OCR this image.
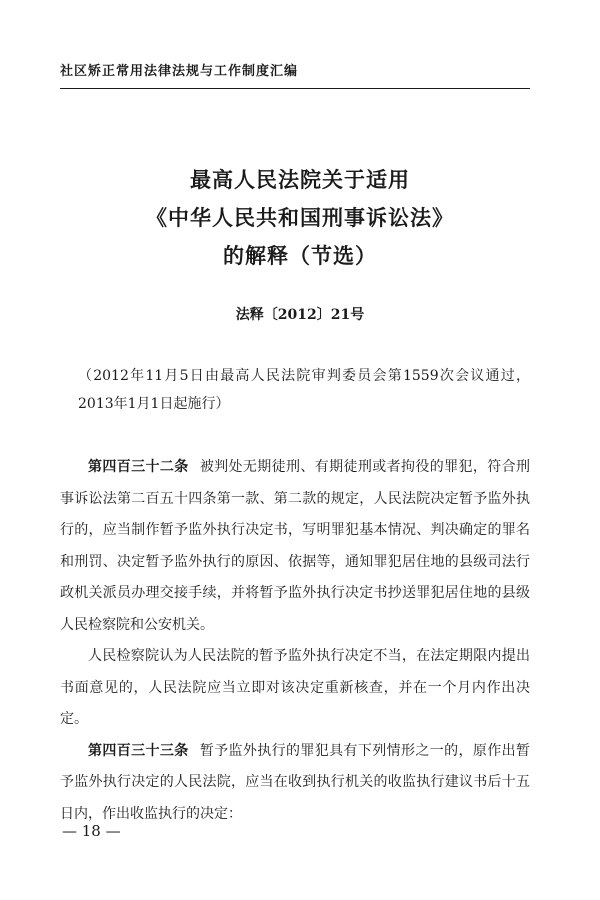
社区矫正常用法律法规与工作制度汇编
最高人民法院关于适用
《中华人民共和国刑事诉讼法》
的解释（节选）
法释〔2012〕21号
（2012年11月5日由最高人民法院审判委员会第1559次会议通过，2013年1月1日起施行）

第四百三十二条 被判处无期徒刑、有期徒刑或者拘役的罪犯，符合刑事诉讼法第二百五十四条第一款、第二款的规定，人民法院决定暂予监外执行的，应当制作暂予监外执行决定书，写明罪犯基本情况、判决确定的罪名和刑罚、决定暂予监外执行的原因、依据等，通知罪犯居住地的县级司法行政机关派员办理交接手续，并将暂予监外执行决定书抄送罪犯居住地的县级人民检察院和公安机关。

人民检察院认为人民法院的暂予监外执行决定不当，在法定期限内提出书面意见的，人民法院应当立即对该决定重新核查，并在一个月内作出决定。

第四百三十三条 暂予监外执行的罪犯具有下列情形之一的，原作出暂予监外执行决定的人民法院，应当在收到执行机关的收监执行建议书后十五日内，作出收监执行的决定：

— 18 —
